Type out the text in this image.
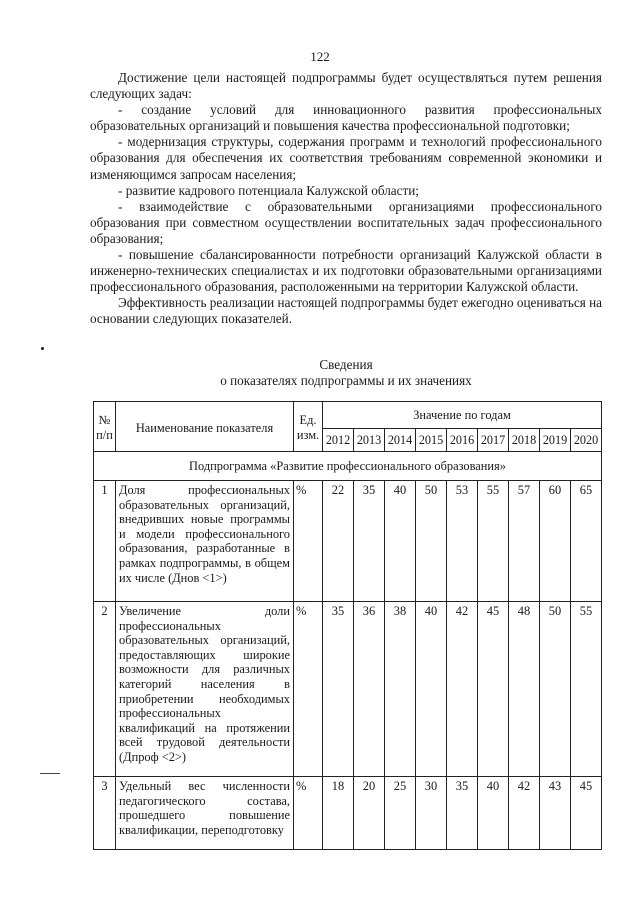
122

Достижение цели настоящей подпрограммы будет осуществляться путем решения следующих задач:

- создание условий для инновационного развития профессиональных образовательных организаций и повышения качества профессиональной подготовки;

- модернизация структуры, содержания программ и технологий профессионального образования для обеспечения их соответствия требованиям современной экономики и изменяющимся запросам населения;

- развитие кадрового потенциала Калужской области;

- взаимодействие с образовательными организациями профессионального образования при совместном осуществлении воспитательных задач профессионального образования;

- повышение сбалансированности потребности организаций Калужской области в инженерно-технических специалистах и их подготовки образовательными организациями профессионального образования, расположенными на территории Калужской области.

Эффективность реализации настоящей подпрограммы будет ежегодно оцениваться на основании следующих показателей.

Сведения
о показателях подпрограммы и их значениях
№ п/п	Наименование показателя	Ед. изм.	Значение по годам								
			2012	2013	2014	2015	2016	2017	2018	2019	2020
Подпрограмма «Развитие профессионального образования»											
1	Доля профессиональных образовательных организаций, внедривших новые программы и модели профессионального образования, разработанные в рамках подпрограммы, в общем их числе (Днов <1>)	%	22	35	40	50	53	55	57	60	65
2	Увеличение доли профессиональных образовательных организаций, предоставляющих широкие возможности для различных категорий населения в приобретении необходимых профессиональных квалификаций на протяжении всей трудовой деятельности (Дпроф <2>)	%	35	36	38	40	42	45	48	50	55
3	Удельный вес численности педагогического состава, прошедшего повышение квалификации, переподготовку	%	18	20	25	30	35	40	42	43	45
